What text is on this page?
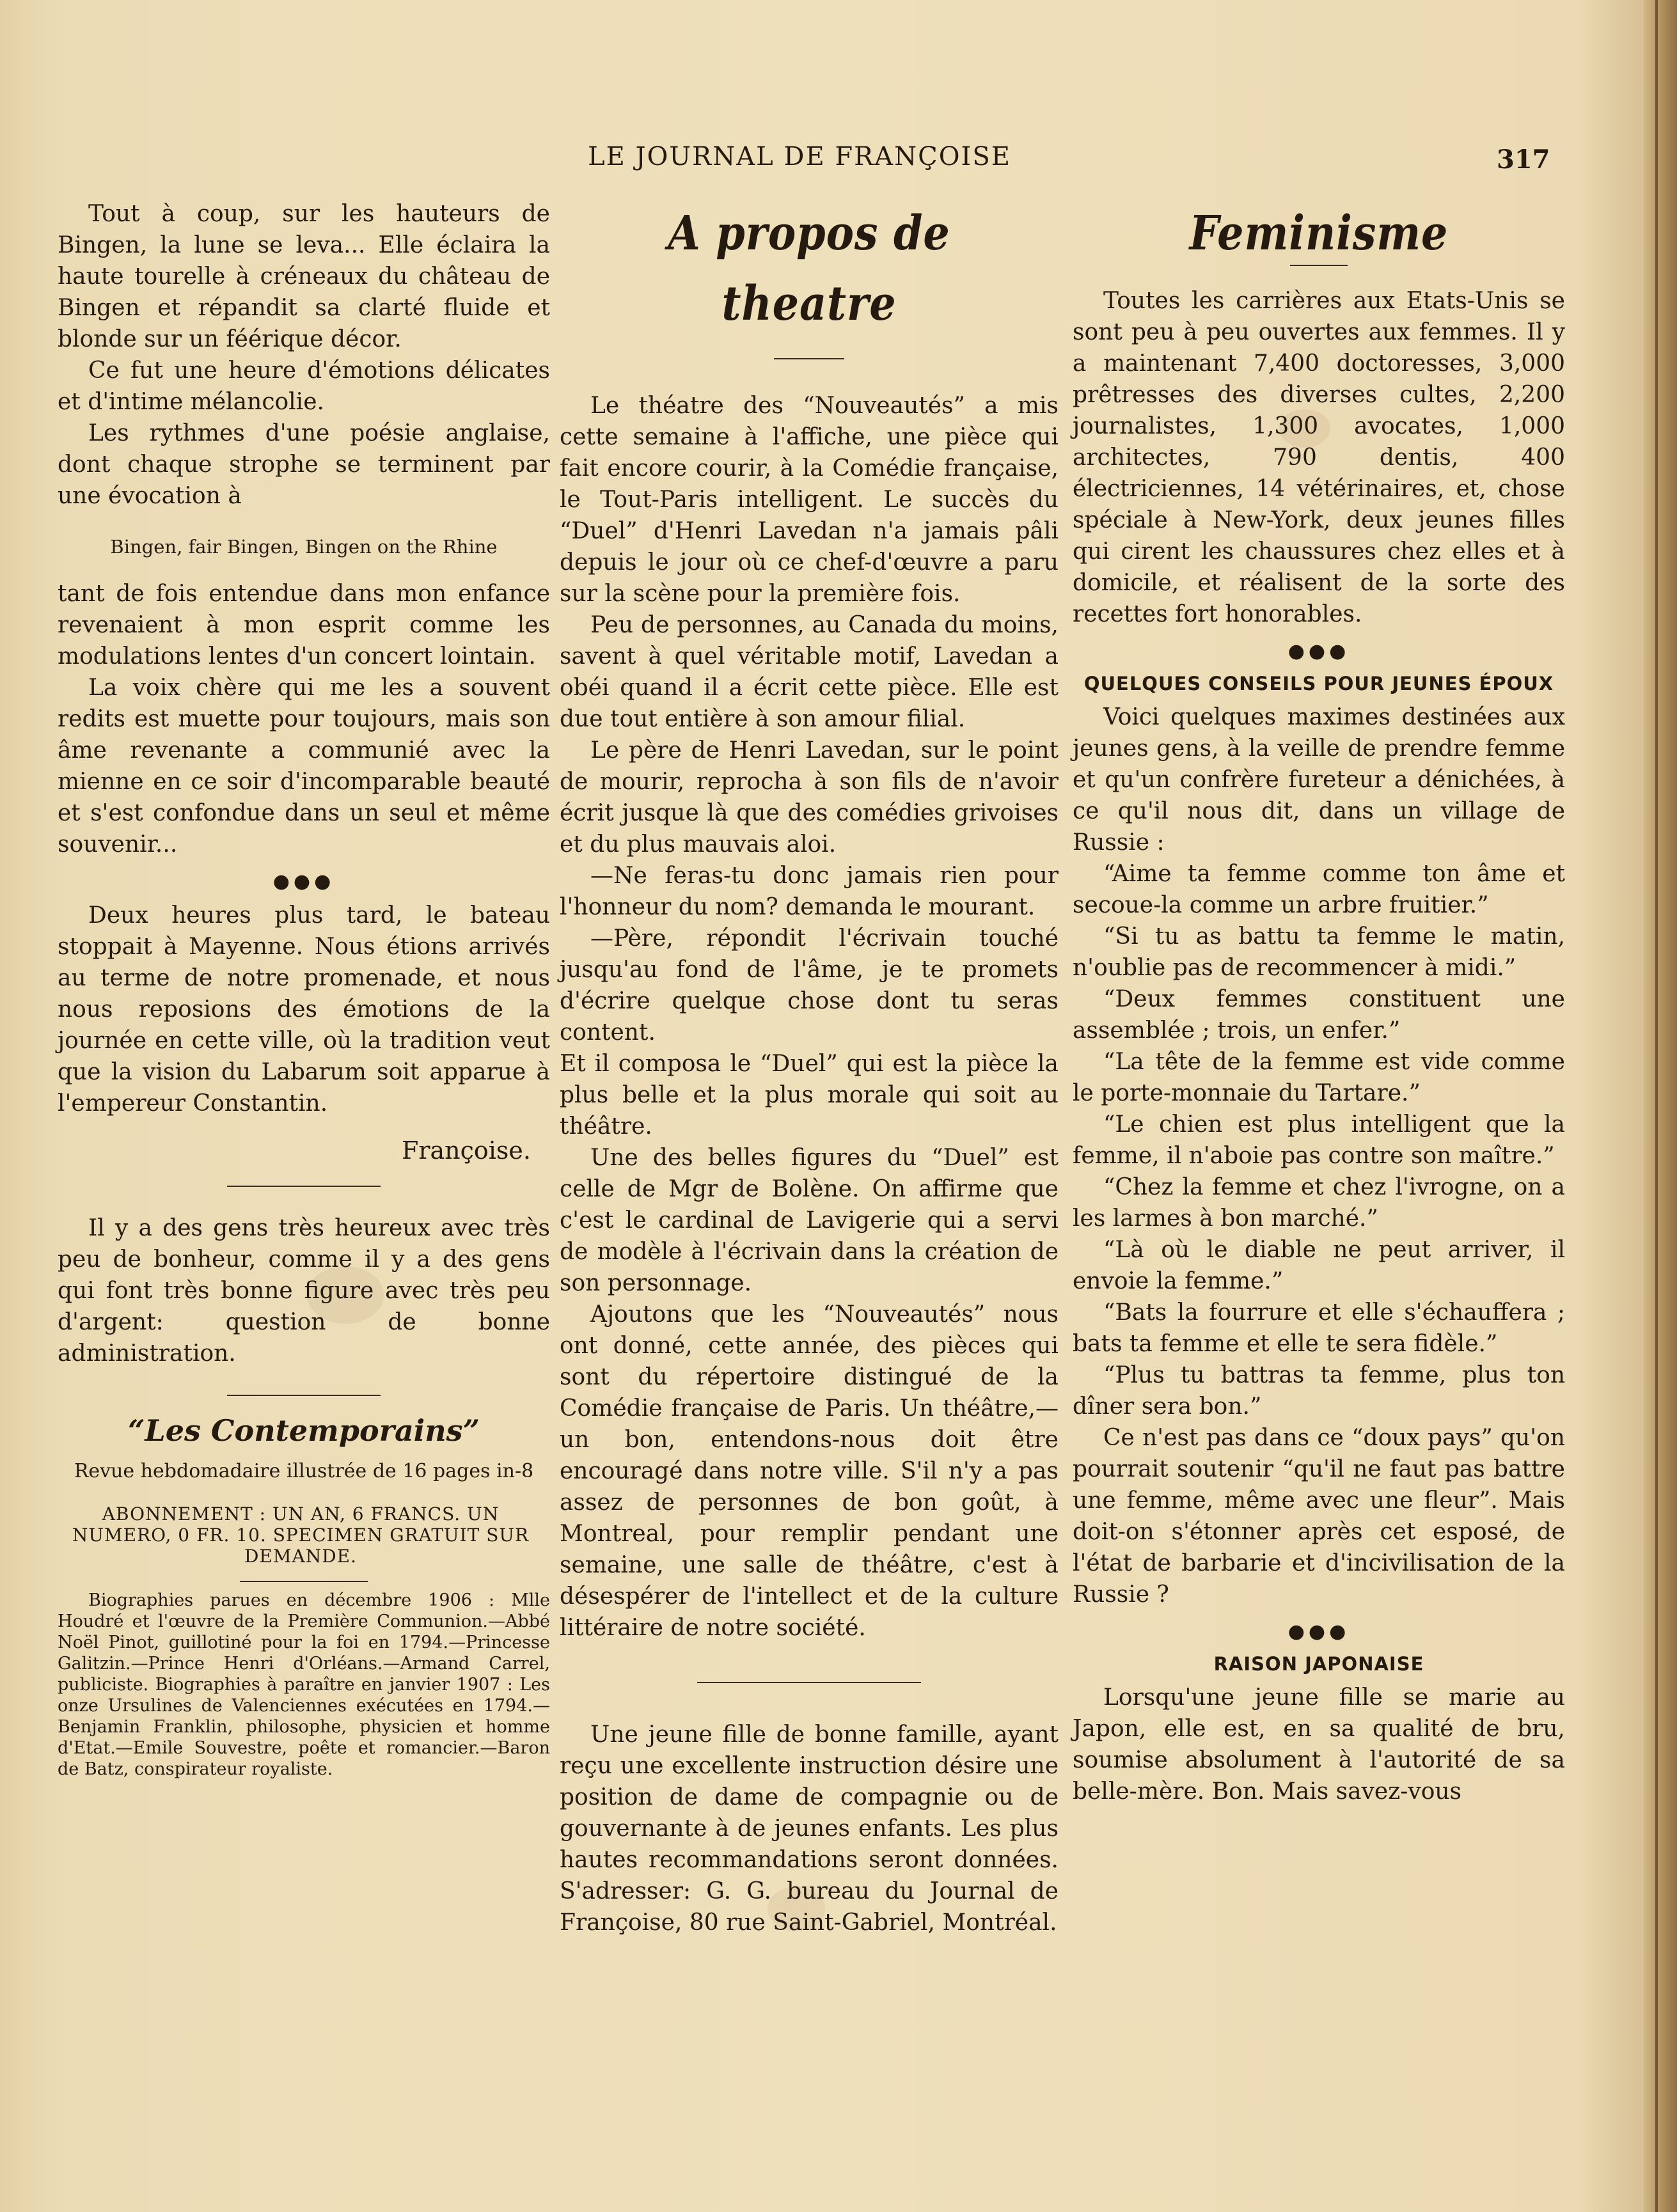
LE JOURNAL DE FRANÇOISE	317

Tout à coup, sur les hauteurs de Bingen, la lune se leva... Elle éclaira la haute tourelle à créneaux du château de Bingen et répandit sa clarté fluide et blonde sur un féérique décor.

Ce fut une heure d'émotions délicates et d'intime mélancolie.

Les rythmes d'une poésie anglaise, dont chaque strophe se terminent par une évocation à

Bingen, fair Bingen, Bingen on the Rhine

tant de fois entendue dans mon enfance revenaient à mon esprit comme les modulations lentes d'un concert lointain.

La voix chère qui me les a souvent redits est muette pour toujours, mais son âme revenante a communié avec la mienne en ce soir d'incomparable beauté et s'est confondue dans un seul et même souvenir...

●●●

Deux heures plus tard, le bateau stoppait à Mayenne. Nous étions arrivés au terme de notre promenade, et nous nous reposions des émotions de la journée en cette ville, où la tradition veut que la vision du Labarum soit apparue à l'empereur Constantin.

Françoise.

Il y a des gens très heureux avec très peu de bonheur, comme il y a des gens qui font très bonne figure avec très peu d'argent: question de bonne administration.

“Les Contemporains”
Revue hebdomadaire illustrée de 16 pages in-8
ABONNEMENT : UN AN, 6 FRANCS. UN NUMERO, 0 FR. 10. SPECIMEN GRATUIT SUR DEMANDE.

Biographies parues en décembre 1906 : Mlle Houdré et l'œuvre de la Première Communion.—Abbé Noël Pinot, guillotiné pour la foi en 1794.—Princesse Galitzin.—Prince Henri d'Orléans.—Armand Carrel, publiciste. Biographies à paraître en janvier 1907 : Les onze Ursulines de Valenciennes exécutées en 1794.—Benjamin Franklin, philosophe, physicien et homme d'Etat.—Emile Souvestre, poête et romancier.—Baron de Batz, conspirateur royaliste.

A propos de theatre

Le théatre des “Nouveautés” a mis cette semaine à l'affiche, une pièce qui fait encore courir, à la Comédie française, le Tout-Paris intelligent. Le succès du “Duel” d'Henri Lavedan n'a jamais pâli depuis le jour où ce chef-d'œuvre a paru sur la scène pour la première fois.

Peu de personnes, au Canada du moins, savent à quel véritable motif, Lavedan a obéi quand il a écrit cette pièce. Elle est due tout entière à son amour filial.

Le père de Henri Lavedan, sur le point de mourir, reprocha à son fils de n'avoir écrit jusque là que des comédies grivoises et du plus mauvais aloi.

—Ne feras-tu donc jamais rien pour l'honneur du nom? demanda le mourant.

—Père, répondit l'écrivain touché jusqu'au fond de l'âme, je te promets d'écrire quelque chose dont tu seras content.

Et il composa le “Duel” qui est la pièce la plus belle et la plus morale qui soit au théâtre.

Une des belles figures du “Duel” est celle de Mgr de Bolène. On affirme que c'est le cardinal de Lavigerie qui a servi de modèle à l'écrivain dans la création de son personnage.

Ajoutons que les “Nouveautés” nous ont donné, cette année, des pièces qui sont du répertoire distingué de la Comédie française de Paris. Un théâtre,—un bon, entendons-nous doit être encouragé dans notre ville. S'il n'y a pas assez de personnes de bon goût, à Montreal, pour remplir pendant une semaine, une salle de théâtre, c'est à désespérer de l'intellect et de la culture littéraire de notre société.

Une jeune fille de bonne famille, ayant reçu une excellente instruction désire une position de dame de compagnie ou de gouvernante à de jeunes enfants. Les plus hautes recommandations seront données. S'adresser: G. G. bureau du Journal de Françoise, 80 rue Saint-Gabriel, Montréal.

Feminisme

Toutes les carrières aux Etats-Unis se sont peu à peu ouvertes aux femmes. Il y a maintenant 7,400 doctoresses, 3,000 prêtresses des diverses cultes, 2,200 journalistes, 1,300 avocates, 1,000 architectes, 790 dentis, 400 électriciennes, 14 vétérinaires, et, chose spéciale à New-York, deux jeunes filles qui cirent les chaussures chez elles et à domicile, et réalisent de la sorte des recettes fort honorables.

●●●
QUELQUES CONSEILS POUR JEUNES ÉPOUX

Voici quelques maximes destinées aux jeunes gens, à la veille de prendre femme et qu'un confrère fureteur a dénichées, à ce qu'il nous dit, dans un village de Russie :

“Aime ta femme comme ton âme et secoue-la comme un arbre fruitier.”

“Si tu as battu ta femme le matin, n'oublie pas de recommencer à midi.”

“Deux femmes constituent une assemblée ; trois, un enfer.”

“La tête de la femme est vide comme le porte-monnaie du Tartare.”

“Le chien est plus intelligent que la femme, il n'aboie pas contre son maître.”

“Chez la femme et chez l'ivrogne, on a les larmes à bon marché.”

“Là où le diable ne peut arriver, il envoie la femme.”

“Bats la fourrure et elle s'échauffera ; bats ta femme et elle te sera fidèle.”

“Plus tu battras ta femme, plus ton dîner sera bon.”

Ce n'est pas dans ce “doux pays” qu'on pourrait soutenir “qu'il ne faut pas battre une femme, même avec une fleur”. Mais doit-on s'étonner après cet esposé, de l'état de barbarie et d'incivilisation de la Russie ?

●●●
RAISON JAPONAISE

Lorsqu'une jeune fille se marie au Japon, elle est, en sa qualité de bru, soumise absolument à l'autorité de sa belle-mère. Bon. Mais savez-vous
